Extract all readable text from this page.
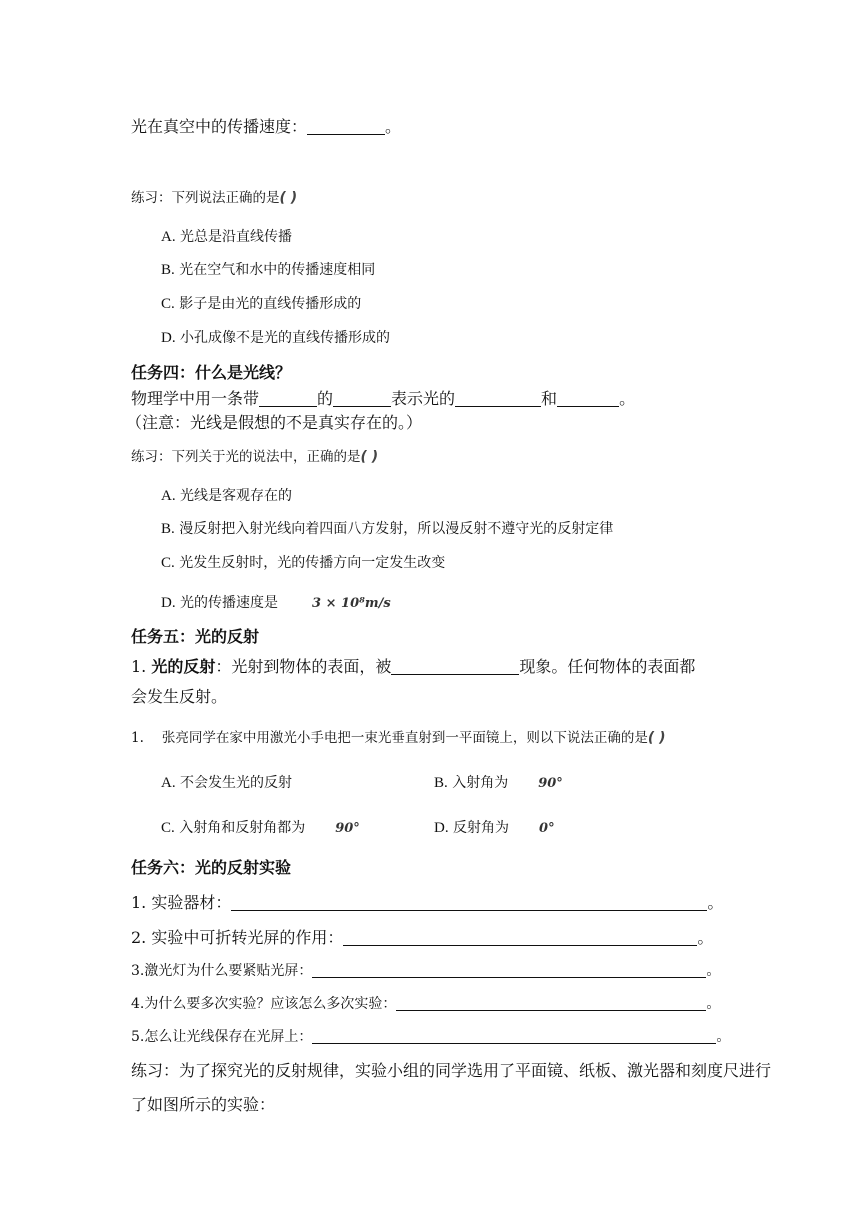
光在真空中的传播速度：	。
练习：下列说法正确的是( )
A. 光总是沿直线传播
B. 光在空气和水中的传播速度相同
C. 影子是由光的直线传播形成的
D. 小孔成像不是光的直线传播形成的
任务四：什么是光线？
物理学中用一条带	的	表示光的	和	。
（注意：光线是假想的不是真实存在的。）
练习：下列关于光的说法中，正确的是( )
A. 光线是客观存在的
B. 漫反射把入射光线向着四面八方发射，所以漫反射不遵守光的反射定律
C. 光发生反射时，光的传播方向一定发生改变
D. 光的传播速度是	3 × 10⁸m/s
任务五：光的反射
1. 光的反射：光射到物体的表面，被	现象。任何物体的表面都
会发生反射。
1. 张亮同学在家中用激光小手电把一束光垂直射到一平面镜上，则以下说法正确的是( )
A. 不会发生光的反射	B. 入射角为 90°
C. 入射角和反射角都为 90°	D. 反射角为 0°
任务六：光的反射实验
1. 实验器材：	。
2. 实验中可折转光屏的作用：	。
3.激光灯为什么要紧贴光屏：	。
4.为什么要多次实验？应该怎么多次实验：	。
5.怎么让光线保存在光屏上：	。
练习：为了探究光的反射规律，实验小组的同学选用了平面镜、纸板、激光器和刻度尺进行
了如图所示的实验：
